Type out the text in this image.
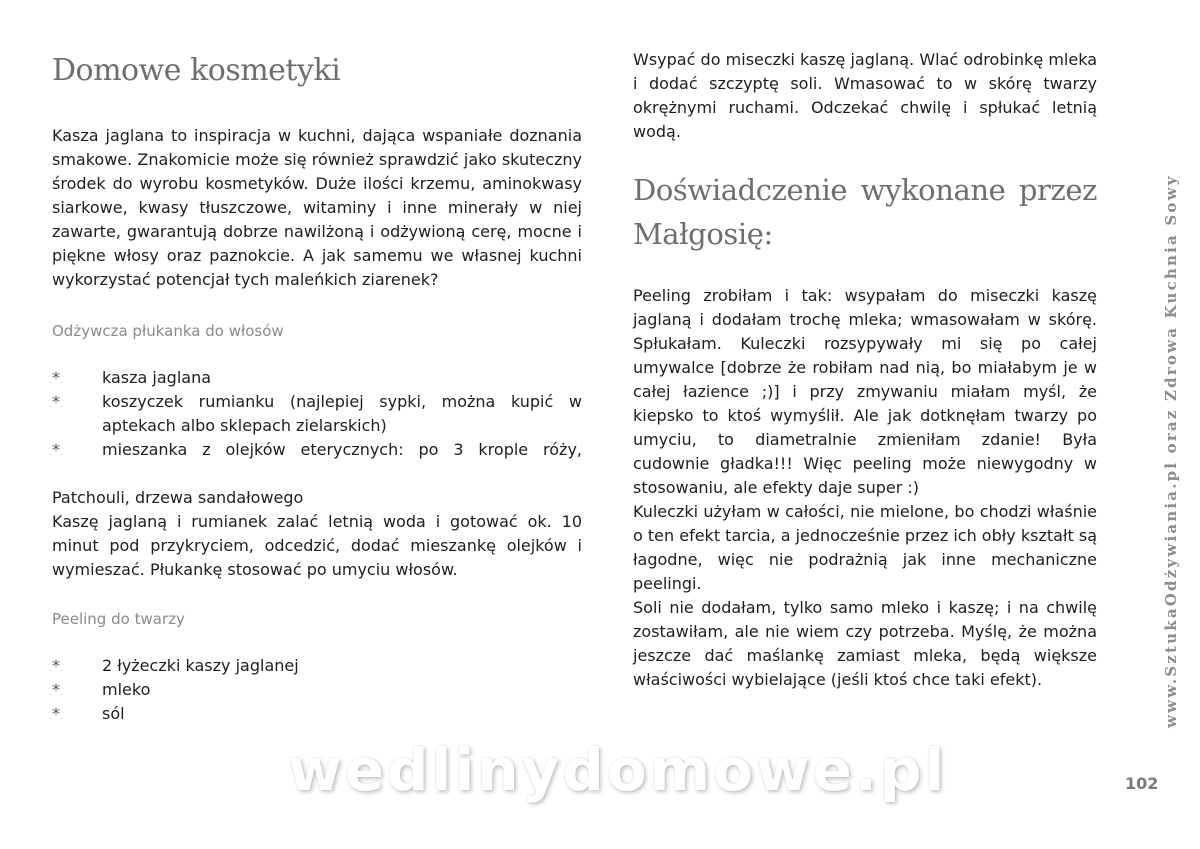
Domowe kosmetyki

Kasza jaglana to inspiracja w kuchni, dająca wspaniałe doznania smakowe. Znakomicie może się również sprawdzić jako skuteczny środek do wyrobu kosmetyków. Duże ilości krzemu, aminokwasy siarkowe, kwasy tłuszczowe, witaminy i inne minerały w niej zawarte, gwarantują dobrze nawilżoną i odżywioną cerę, mocne i piękne włosy oraz paznokcie. A jak samemu we własnej kuchni wykorzystać potencjał tych maleńkich ziarenek?

Odżywcza płukanka do włosów
*	kasza jaglana
*	koszyczek rumianku (najlepiej sypki, można kupić w aptekach albo sklepach zielarskich)
*	mieszanka z olejków eterycznych: po 3 krople róży,

Patchouli, drzewa sandałowego

Kaszę jaglaną i rumianek zalać letnią woda i gotować ok. 10 minut pod przykryciem, odcedzić, dodać mieszankę olejków i wymieszać. Płukankę stosować po umyciu włosów.

Peeling do twarzy
*	2 łyżeczki kaszy jaglanej
*	mleko
*	sól

Wsypać do miseczki kaszę jaglaną. Wlać odrobinkę mleka i dodać szczyptę soli. Wmasować to w skórę twarzy okrężnymi ruchami. Odczekać chwilę i spłukać letnią wodą.

Doświadczenie wykonane przez Małgosię:

Peeling zrobiłam i tak: wsypałam do miseczki kaszę jaglaną i dodałam trochę mleka; wmasowałam w skórę. Spłukałam. Kuleczki rozsypywały mi się po całej umywalce [dobrze że robiłam nad nią, bo miałabym je w całej łazience ;)] i przy zmywaniu miałam myśl, że kiepsko to ktoś wymyślił. Ale jak dotknęłam twarzy po umyciu, to diametralnie zmieniłam zdanie! Była cudownie gładka!!! Więc peeling może niewygodny w stosowaniu, ale efekty daje super :)

Kuleczki użyłam w całości, nie mielone, bo chodzi właśnie o ten efekt tarcia, a jednocześnie przez ich obły kształt są łagodne, więc nie podrażnią jak inne mechaniczne peelingi.

Soli nie dodałam, tylko samo mleko i kaszę; i na chwilę zostawiłam, ale nie wiem czy potrzeba. Myślę, że można jeszcze dać maślankę zamiast mleka, będą większe właściwości wybielające (jeśli ktoś chce taki efekt).	www.SztukaOdżywiania.pl oraz Zdrowa Kuchnia Sowy
102
wedlinydomowe.pl
